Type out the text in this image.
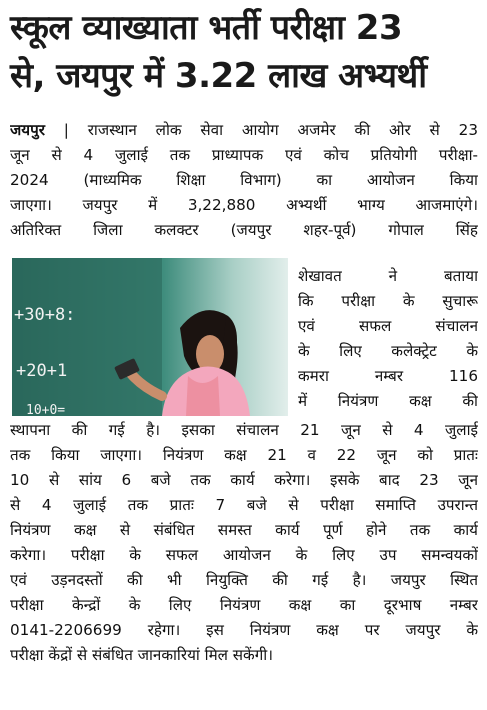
स्कूल व्याख्याता भर्ती परीक्षा 23
से, जयपुर में 3.22 लाख अभ्यर्थी
जयपुर | राजस्थान लोक सेवा आयोग अजमेर की ओर से 23
जून से 4 जुलाई तक प्राध्यापक एवं कोच प्रतियोगी परीक्षा-
2024 (माध्यमिक शिक्षा विभाग) का आयोजन किया
जाएगा। जयपुर में 3,22,880 अभ्यर्थी भाग्य आजमाएंगे।
अतिरिक्त जिला कलक्टर (जयपुर शहर-पूर्व) गोपाल सिंह
+30+8:
+20+1
10+0=
शेखावत ने बताया
कि परीक्षा के सुचारू
एवं सफल संचालन
के लिए कलेक्ट्रेट के
कमरा नम्बर 116
में नियंत्रण कक्ष की
स्थापना की गई है। इसका संचालन 21 जून से 4 जुलाई
तक किया जाएगा। नियंत्रण कक्ष 21 व 22 जून को प्रातः
10 से सांय 6 बजे तक कार्य करेगा। इसके बाद 23 जून
से 4 जुलाई तक प्रातः 7 बजे से परीक्षा समाप्ति उपरान्त
नियंत्रण कक्ष से संबंधित समस्त कार्य पूर्ण होने तक कार्य
करेगा। परीक्षा के सफल आयोजन के लिए उप समन्वयकों
एवं उड़नदस्तों की भी नियुक्ति की गई है। जयपुर स्थित
परीक्षा केन्द्रों के लिए नियंत्रण कक्ष का दूरभाष नम्बर
0141-2206699 रहेगा। इस नियंत्रण कक्ष पर जयपुर के
परीक्षा केंद्रों से संबंधित जानकारियां मिल सकेंगी।
